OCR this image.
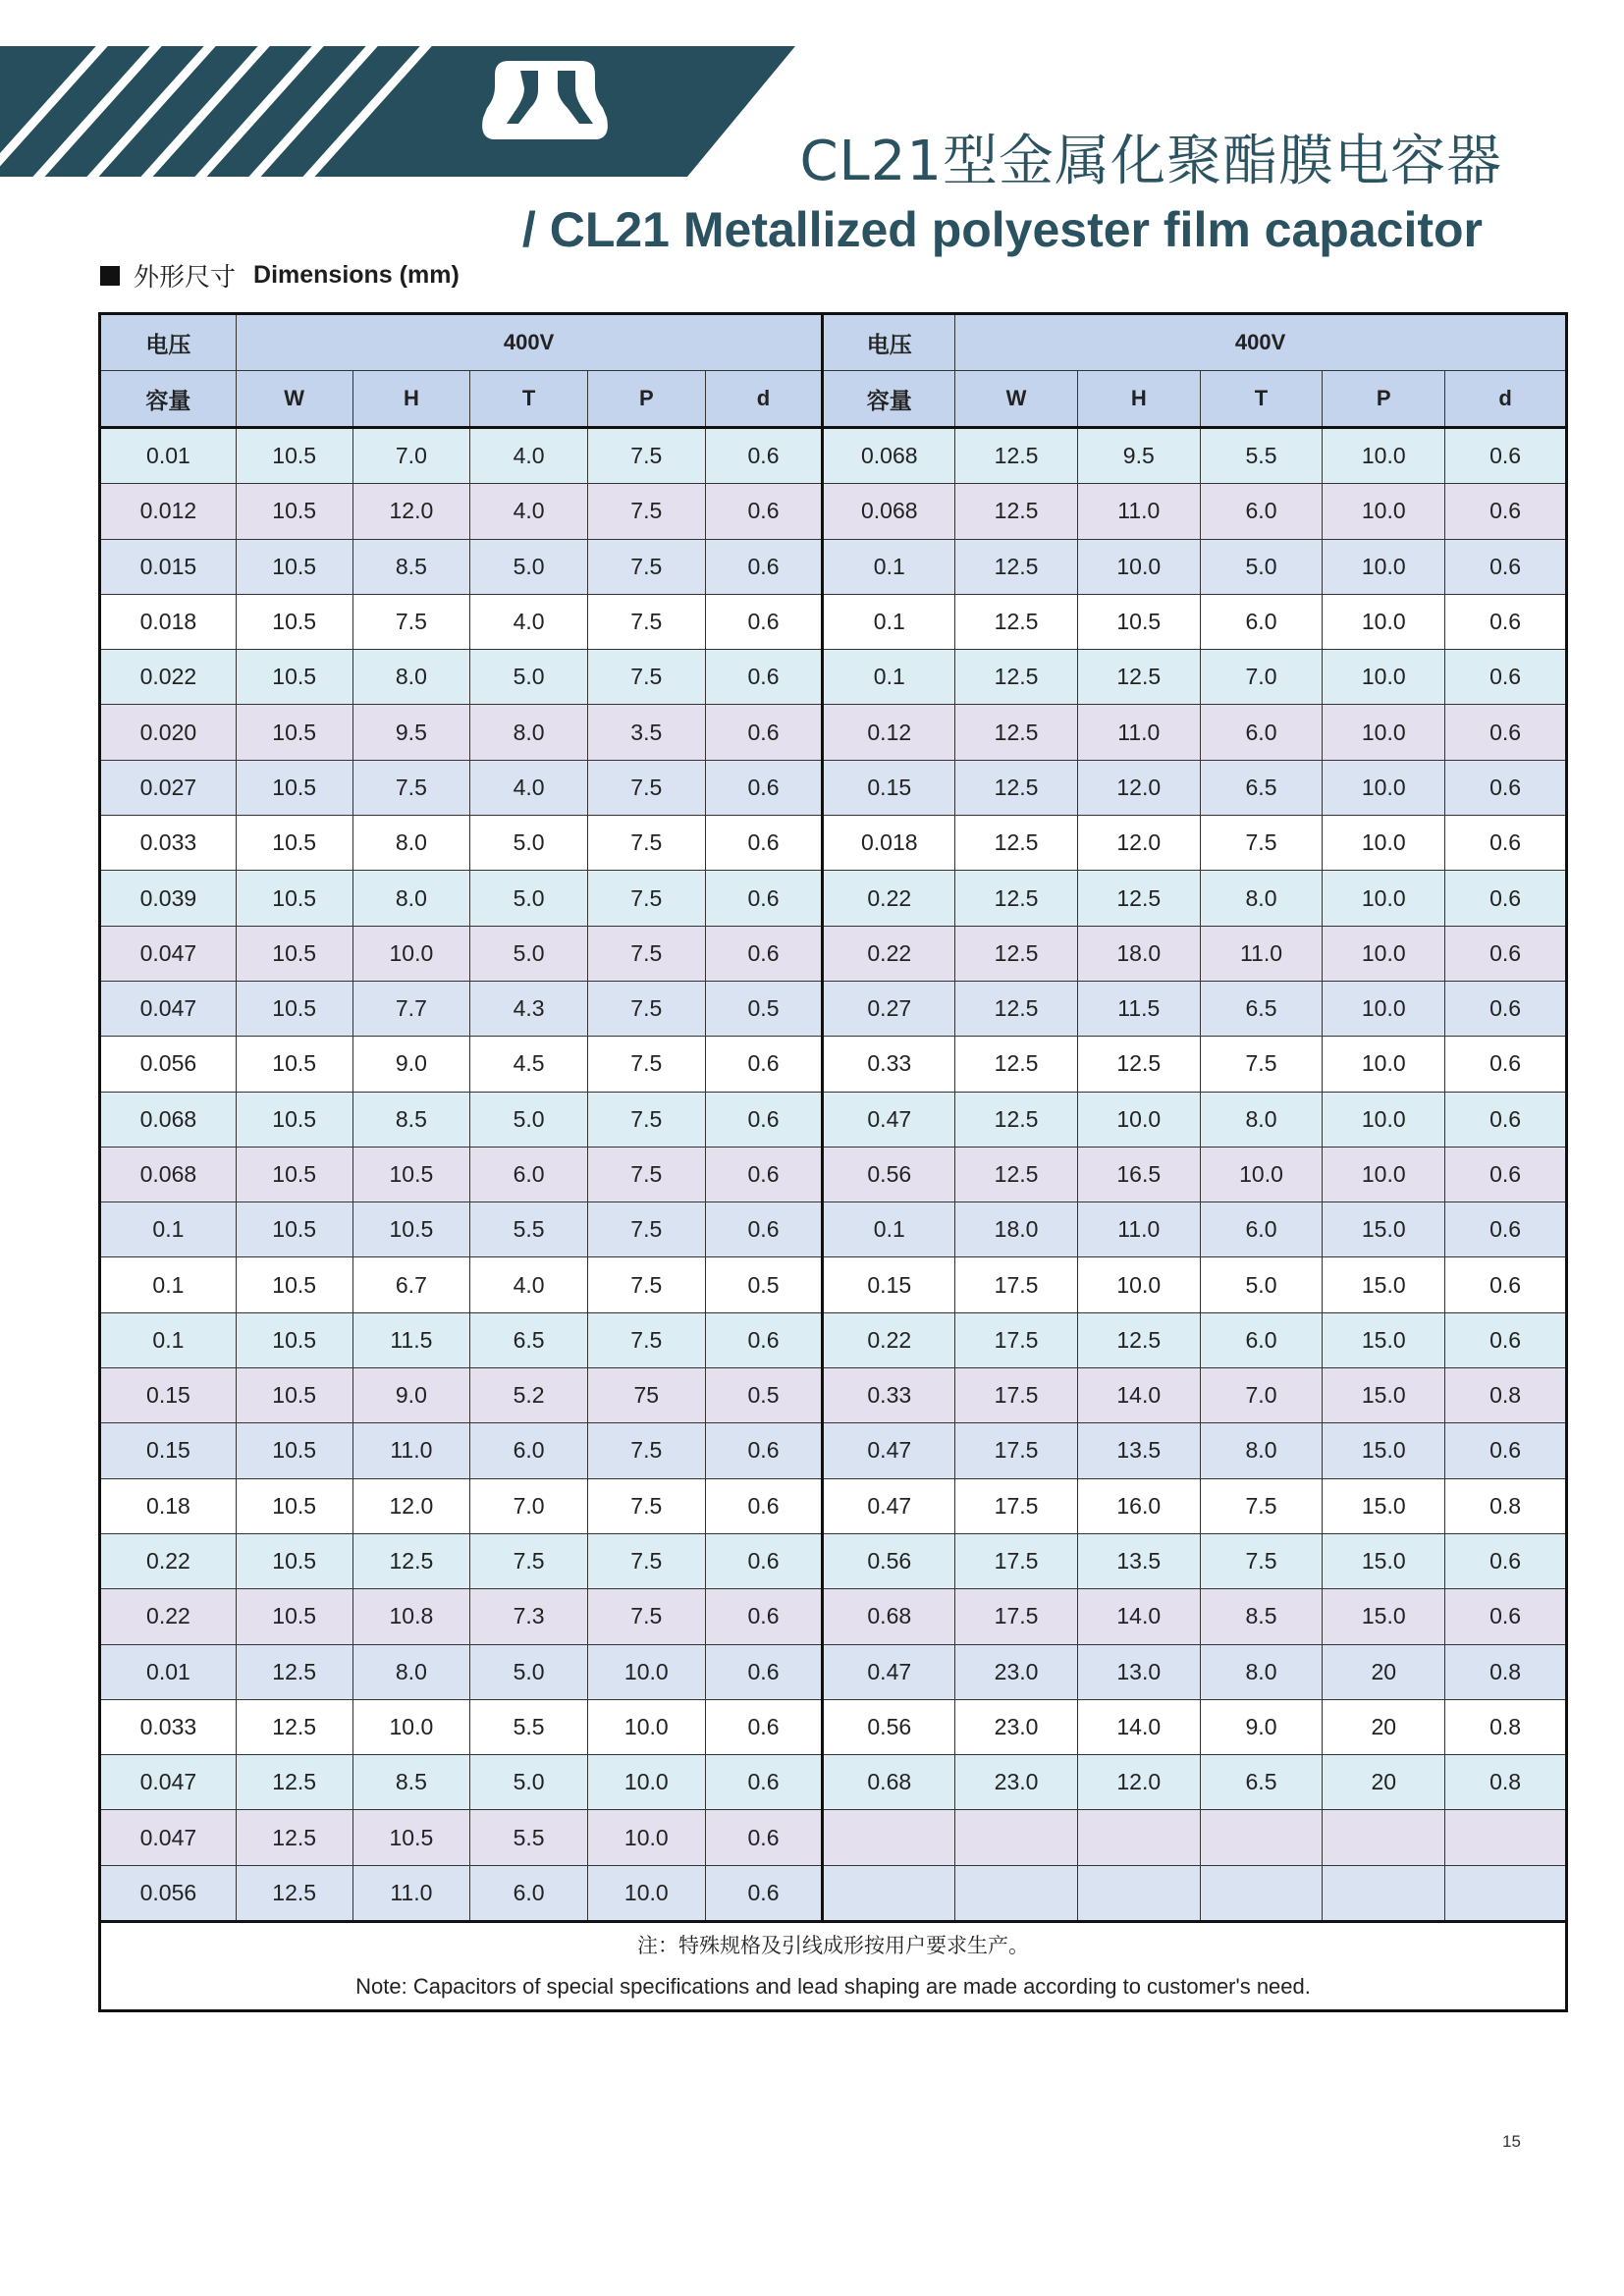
CL21型金属化聚酯膜电容器
/ CL21 Metallized polyester film capacitor
外形尺寸 Dimensions (mm)
电压	400V					电压	400V				
容量	W	H	T	P	d	容量	W	H	T	P	d
0.01	10.5	7.0	4.0	7.5	0.6	0.068	12.5	9.5	5.5	10.0	0.6
0.012	10.5	12.0	4.0	7.5	0.6	0.068	12.5	11.0	6.0	10.0	0.6
0.015	10.5	8.5	5.0	7.5	0.6	0.1	12.5	10.0	5.0	10.0	0.6
0.018	10.5	7.5	4.0	7.5	0.6	0.1	12.5	10.5	6.0	10.0	0.6
0.022	10.5	8.0	5.0	7.5	0.6	0.1	12.5	12.5	7.0	10.0	0.6
0.020	10.5	9.5	8.0	3.5	0.6	0.12	12.5	11.0	6.0	10.0	0.6
0.027	10.5	7.5	4.0	7.5	0.6	0.15	12.5	12.0	6.5	10.0	0.6
0.033	10.5	8.0	5.0	7.5	0.6	0.018	12.5	12.0	7.5	10.0	0.6
0.039	10.5	8.0	5.0	7.5	0.6	0.22	12.5	12.5	8.0	10.0	0.6
0.047	10.5	10.0	5.0	7.5	0.6	0.22	12.5	18.0	11.0	10.0	0.6
0.047	10.5	7.7	4.3	7.5	0.5	0.27	12.5	11.5	6.5	10.0	0.6
0.056	10.5	9.0	4.5	7.5	0.6	0.33	12.5	12.5	7.5	10.0	0.6
0.068	10.5	8.5	5.0	7.5	0.6	0.47	12.5	10.0	8.0	10.0	0.6
0.068	10.5	10.5	6.0	7.5	0.6	0.56	12.5	16.5	10.0	10.0	0.6
0.1	10.5	10.5	5.5	7.5	0.6	0.1	18.0	11.0	6.0	15.0	0.6
0.1	10.5	6.7	4.0	7.5	0.5	0.15	17.5	10.0	5.0	15.0	0.6
0.1	10.5	11.5	6.5	7.5	0.6	0.22	17.5	12.5	6.0	15.0	0.6
0.15	10.5	9.0	5.2	75	0.5	0.33	17.5	14.0	7.0	15.0	0.8
0.15	10.5	11.0	6.0	7.5	0.6	0.47	17.5	13.5	8.0	15.0	0.6
0.18	10.5	12.0	7.0	7.5	0.6	0.47	17.5	16.0	7.5	15.0	0.8
0.22	10.5	12.5	7.5	7.5	0.6	0.56	17.5	13.5	7.5	15.0	0.6
0.22	10.5	10.8	7.3	7.5	0.6	0.68	17.5	14.0	8.5	15.0	0.6
0.01	12.5	8.0	5.0	10.0	0.6	0.47	23.0	13.0	8.0	20	0.8
0.033	12.5	10.0	5.5	10.0	0.6	0.56	23.0	14.0	9.0	20	0.8
0.047	12.5	8.5	5.0	10.0	0.6	0.68	23.0	12.0	6.5	20	0.8
0.047	12.5	10.5	5.5	10.0	0.6						
0.056	12.5	11.0	6.0	10.0	0.6						

注：特殊规格及引线成形按用户要求生产。
Note: Capacitors of special specifications and lead shaping are made according to customer's need.											
15
